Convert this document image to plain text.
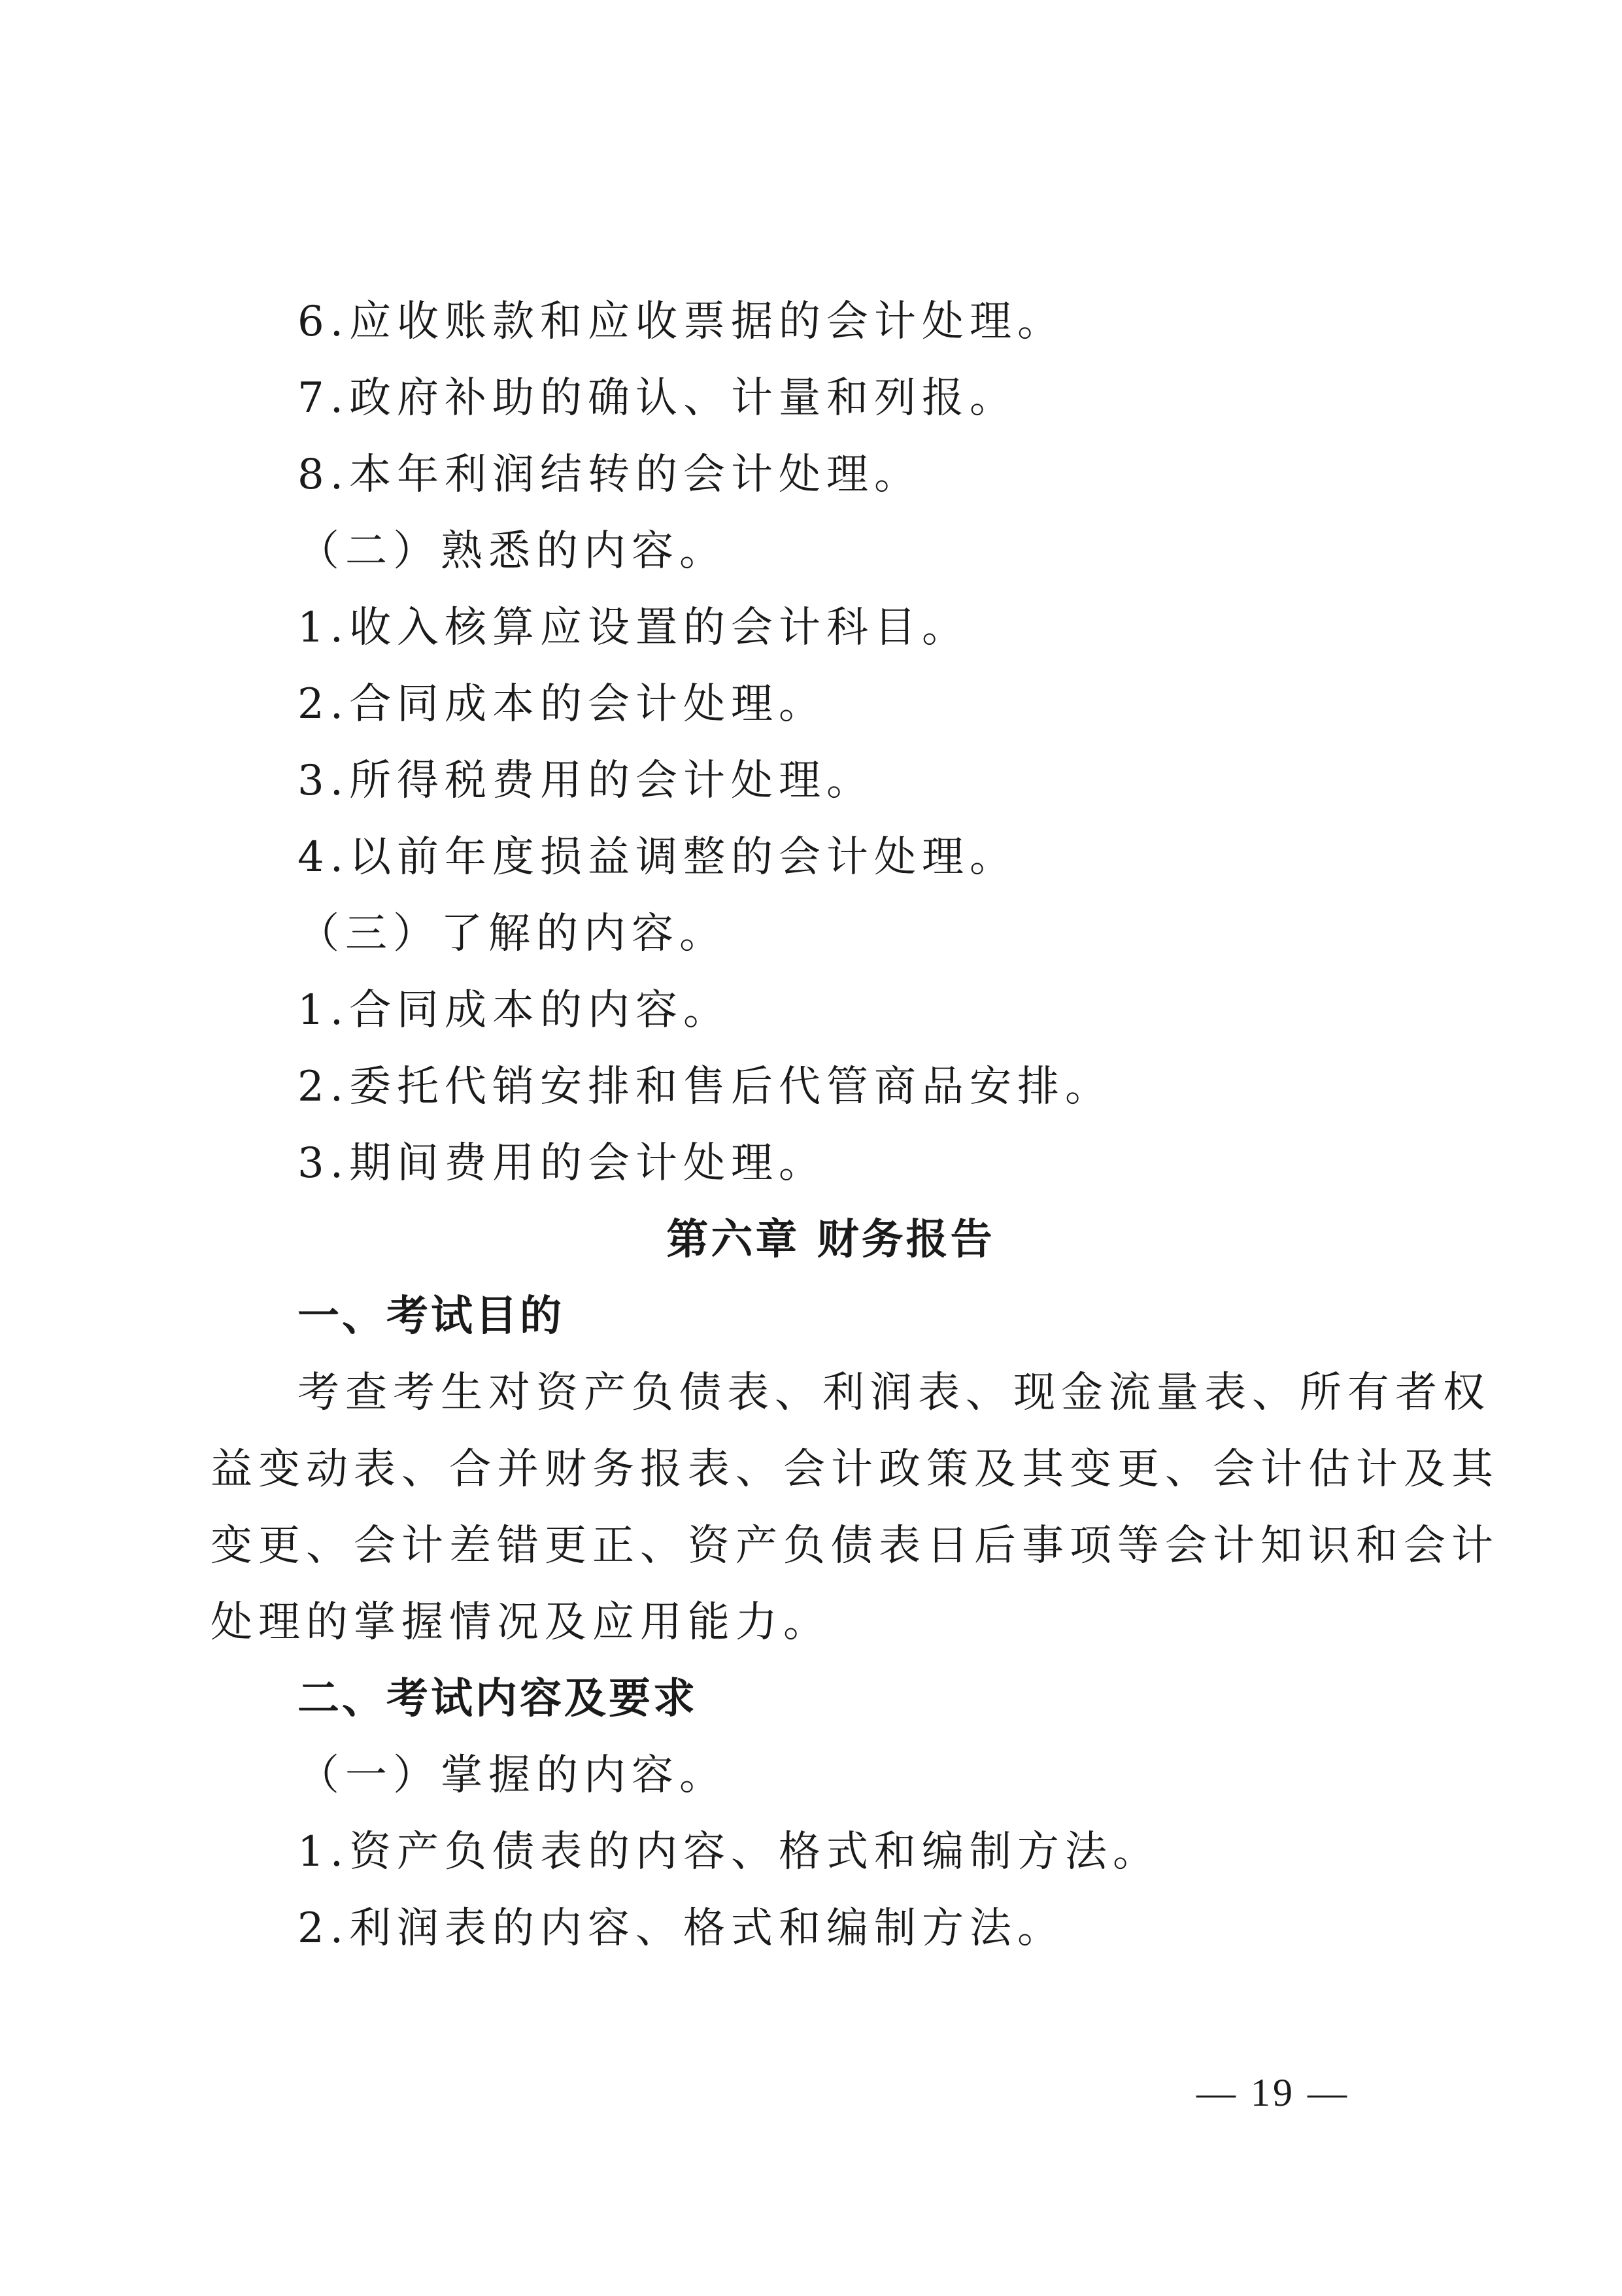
6.应收账款和应收票据的会计处理。
7.政府补助的确认、计量和列报。
8.本年利润结转的会计处理。
（二）熟悉的内容。
1.收入核算应设置的会计科目。
2.合同成本的会计处理。
3.所得税费用的会计处理。
4.以前年度损益调整的会计处理。
（三）了解的内容。
1.合同成本的内容。
2.委托代销安排和售后代管商品安排。
3.期间费用的会计处理。
第六章 财务报告
一、考试目的
考查考生对资产负债表、利润表、现金流量表、所有者权
益变动表、合并财务报表、会计政策及其变更、会计估计及其
变更、会计差错更正、资产负债表日后事项等会计知识和会计
处理的掌握情况及应用能力。
二、考试内容及要求
（一）掌握的内容。
1.资产负债表的内容、格式和编制方法。
2.利润表的内容、格式和编制方法。
— 19 —
